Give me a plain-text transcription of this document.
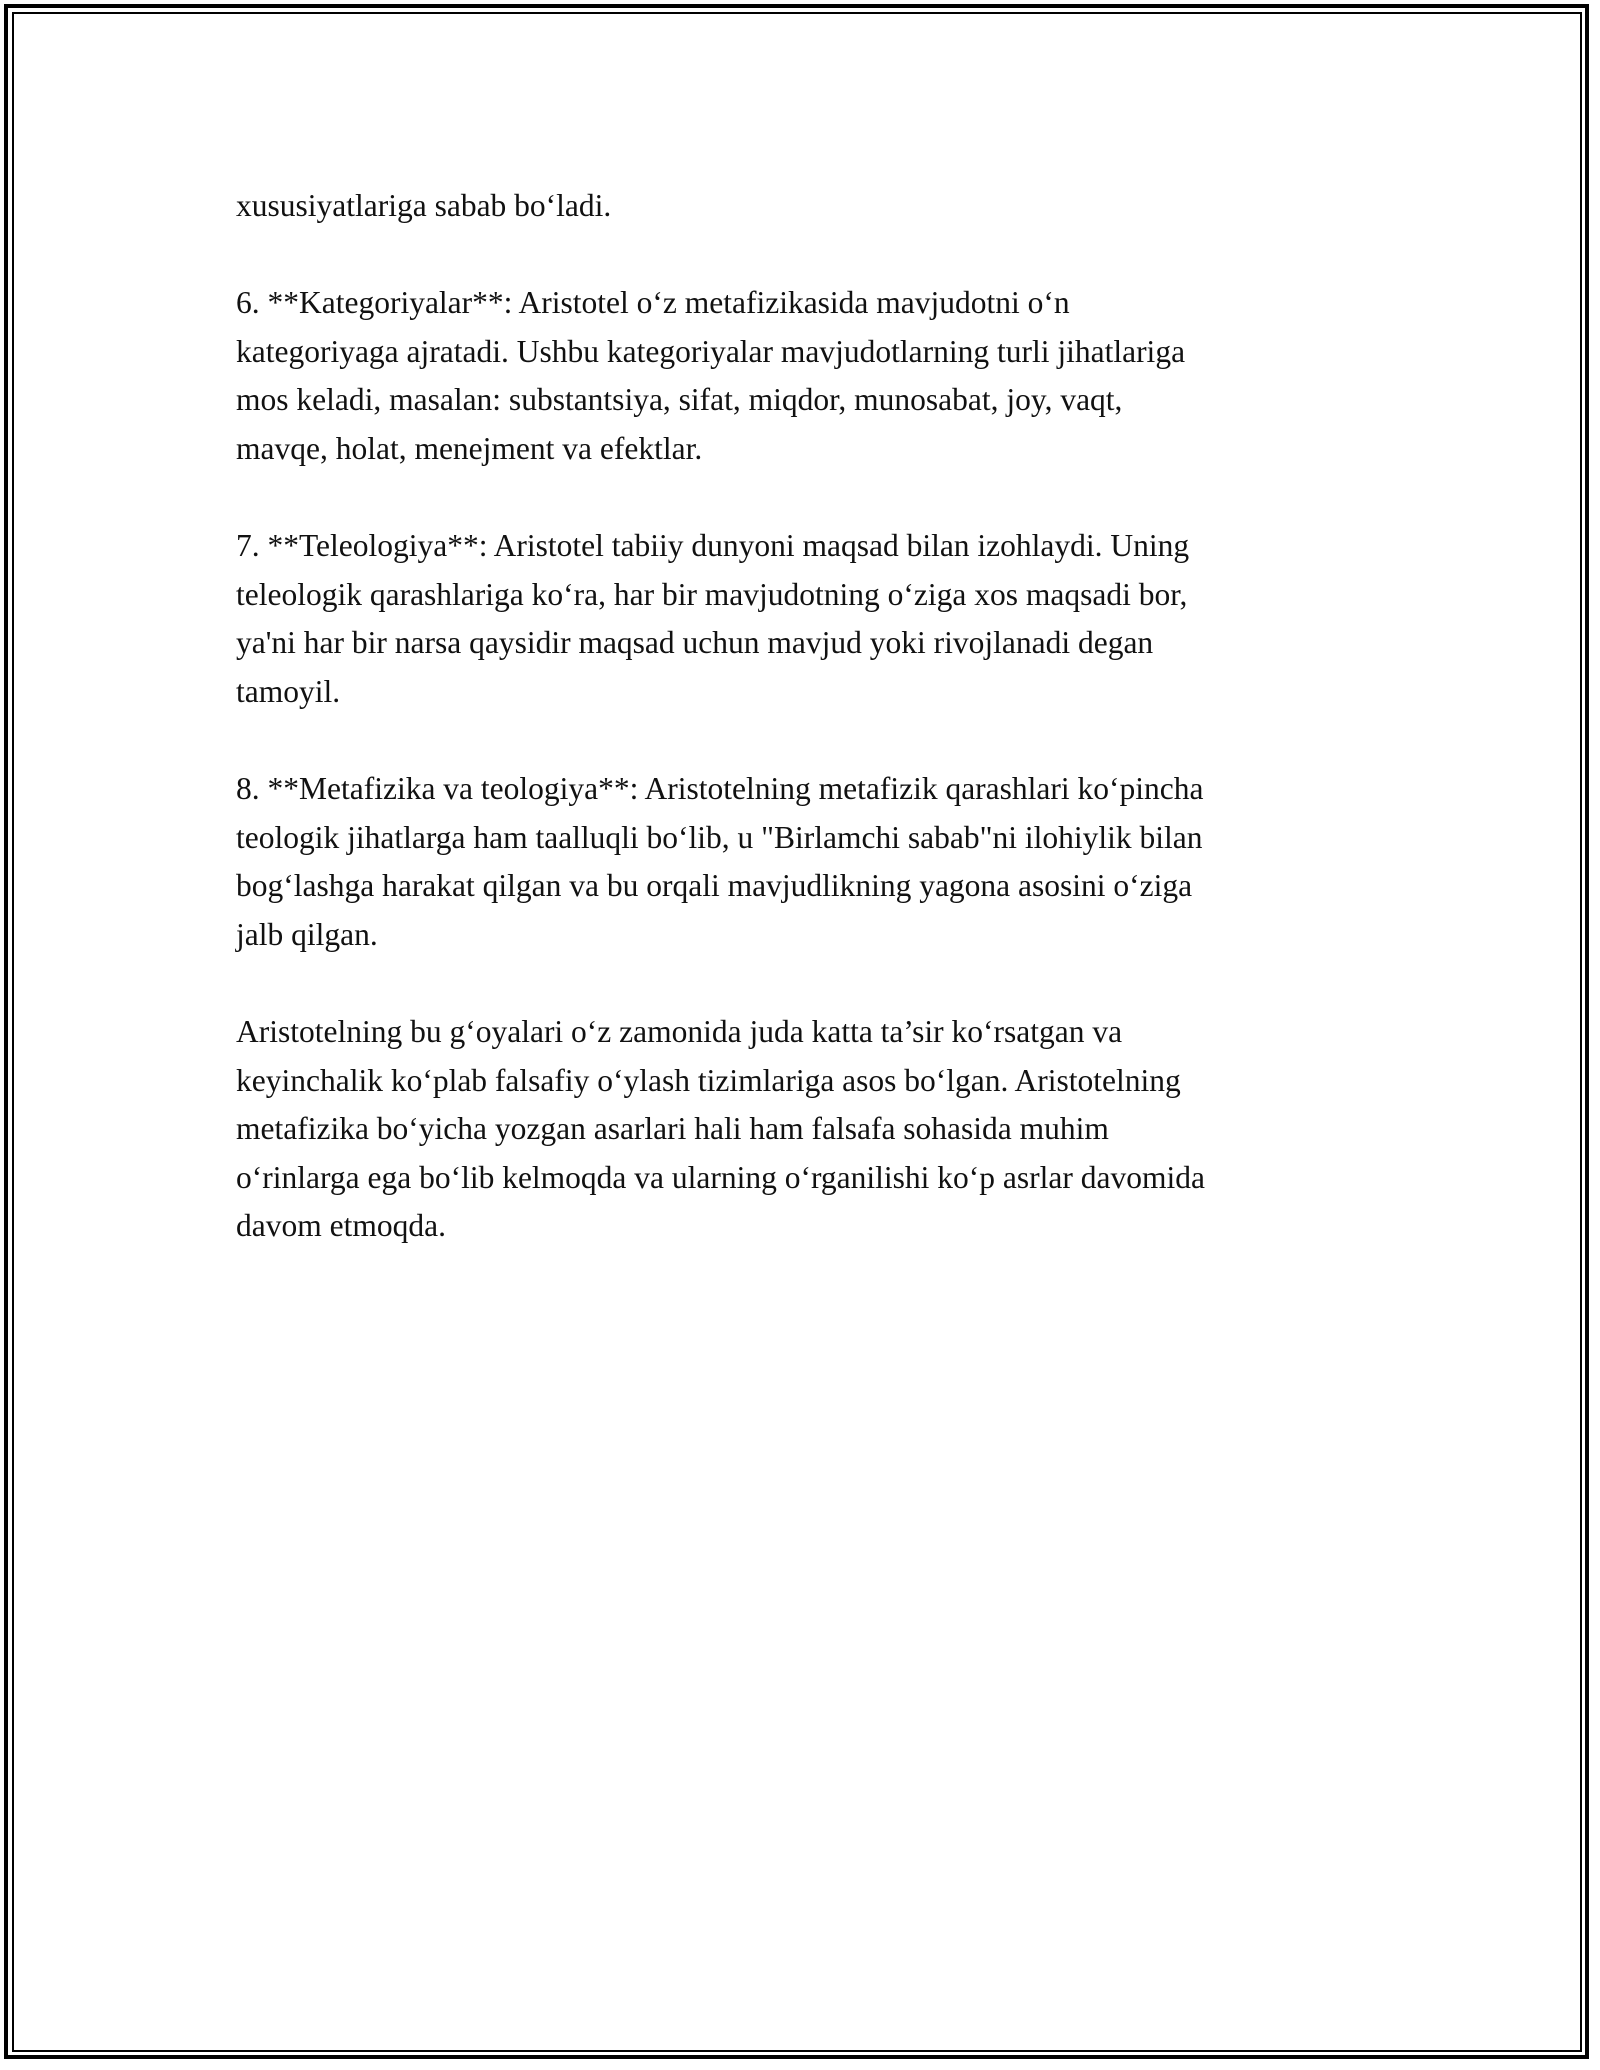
xususiyatlariga sabab bo‘ladi.

6. **Kategoriyalar**: Aristotel o‘z metafizikasida mavjudotni o‘n
kategoriyaga ajratadi. Ushbu kategoriyalar mavjudotlarning turli jihatlariga
mos keladi, masalan: substantsiya, sifat, miqdor, munosabat, joy, vaqt,
mavqe, holat, menejment va efektlar.

7. **Teleologiya**: Aristotel tabiiy dunyoni maqsad bilan izohlaydi. Uning
teleologik qarashlariga ko‘ra, har bir mavjudotning o‘ziga xos maqsadi bor,
ya'ni har bir narsa qaysidir maqsad uchun mavjud yoki rivojlanadi degan
tamoyil.

8. **Metafizika va teologiya**: Aristotelning metafizik qarashlari ko‘pincha
teologik jihatlarga ham taalluqli bo‘lib, u "Birlamchi sabab"ni ilohiylik bilan
bog‘lashga harakat qilgan va bu orqali mavjudlikning yagona asosini o‘ziga
jalb qilgan.

Aristotelning bu g‘oyalari o‘z zamonida juda katta ta’sir ko‘rsatgan va
keyinchalik ko‘plab falsafiy o‘ylash tizimlariga asos bo‘lgan. Aristotelning
metafizika bo‘yicha yozgan asarlari hali ham falsafa sohasida muhim
o‘rinlarga ega bo‘lib kelmoqda va ularning o‘rganilishi ko‘p asrlar davomida
davom etmoqda.
